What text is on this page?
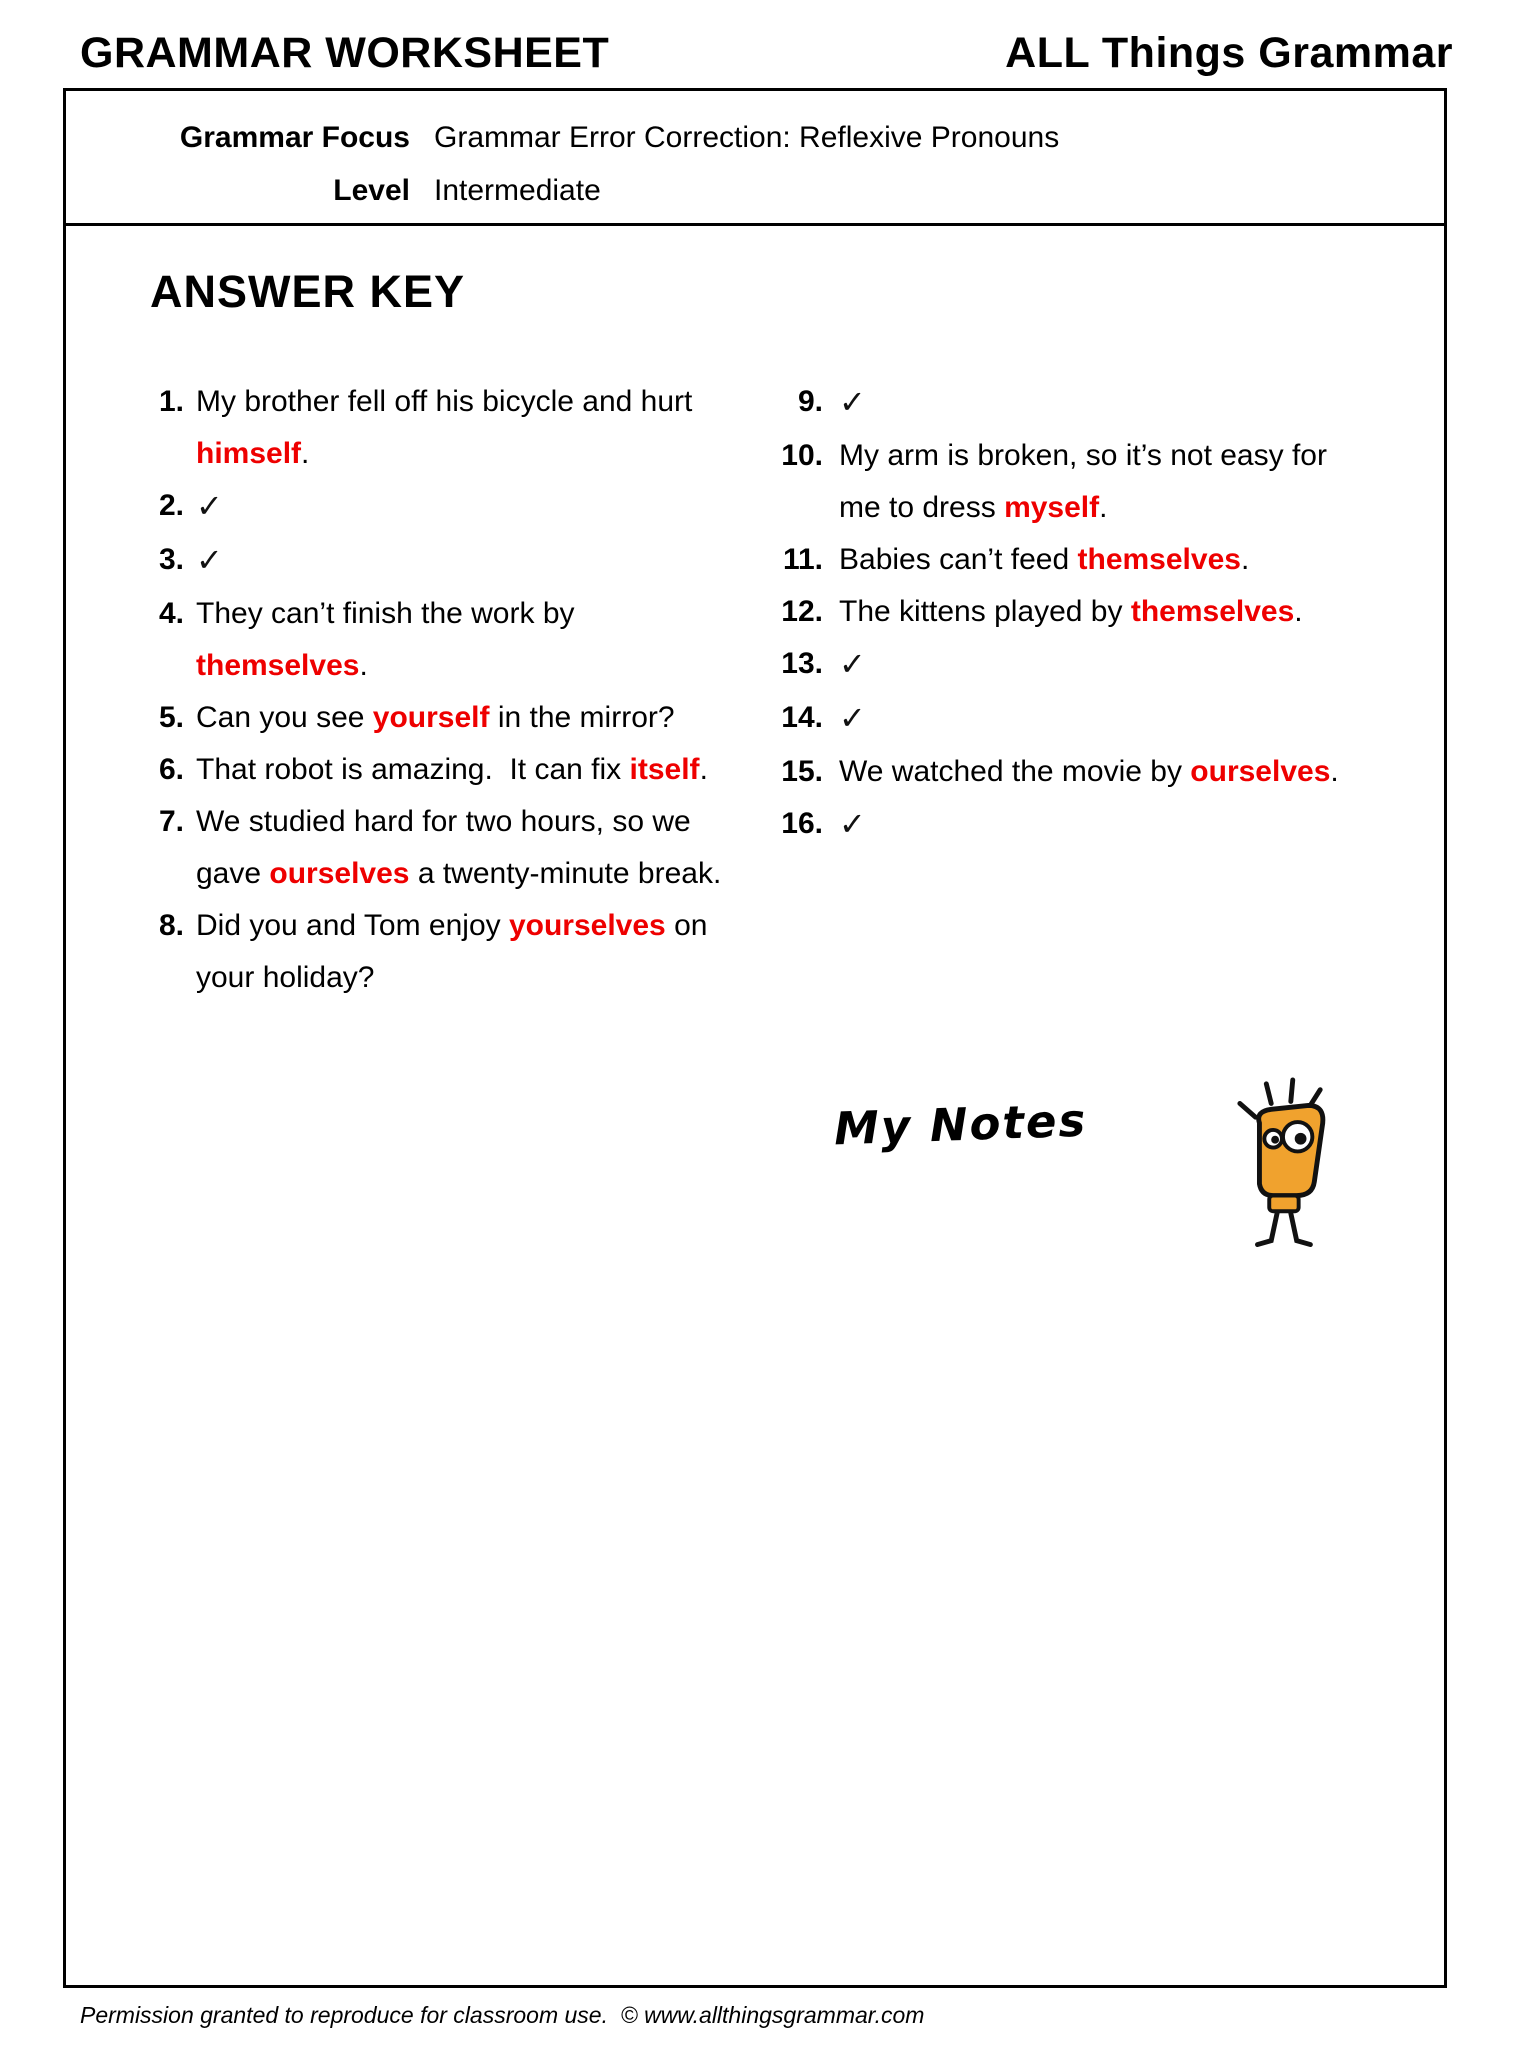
GRAMMAR WORKSHEET	ALL Things Grammar
Grammar Focus Grammar Error Correction: Reflexive Pronouns
Level Intermediate
ANSWER KEY
1. My brother fell off his bicycle and hurt
himself.
2. ✓
3. ✓
4. They can’t finish the work by
themselves.
5. Can you see yourself in the mirror?
6. That robot is amazing.  It can fix itself.
7. We studied hard for two hours, so we
gave ourselves a twenty-minute break.
8. Did you and Tom enjoy yourselves on
your holiday?
9. ✓
10. My arm is broken, so it’s not easy for
me to dress myself.
11. Babies can’t feed themselves.
12. The kittens played by themselves.
13. ✓
14. ✓
15. We watched the movie by ourselves.
16. ✓
My Notes
Permission granted to reproduce for classroom use.  © www.allthingsgrammar.com
